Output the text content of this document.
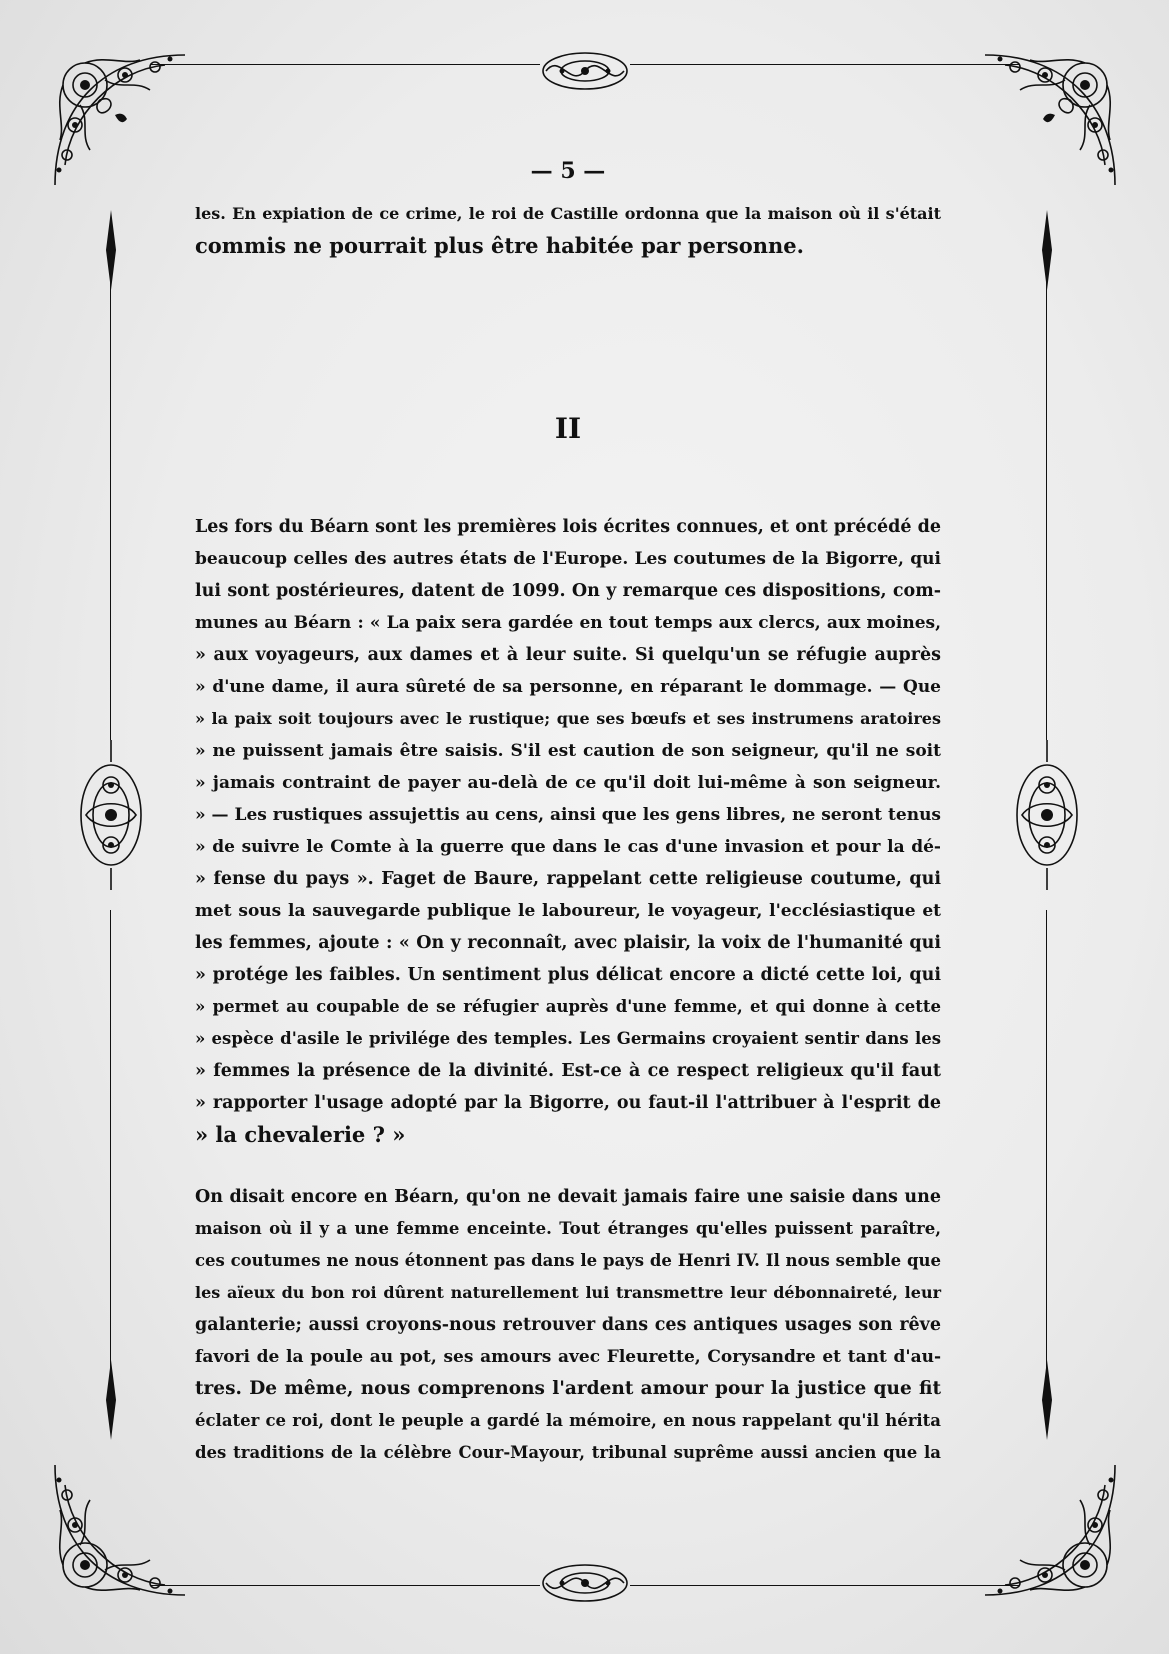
— 5 —

les. En expiation de ce crime, le roi de Castille ordonna que la maison où il s'était

commis ne pourrait plus être habitée par personne.

II

Les fors du Béarn sont les premières lois écrites connues, et ont précédé de

beaucoup celles des autres états de l'Europe. Les coutumes de la Bigorre, qui

lui sont postérieures, datent de 1099. On y remarque ces dispositions, com-

munes au Béarn : « La paix sera gardée en tout temps aux clercs, aux moines,

» aux voyageurs, aux dames et à leur suite. Si quelqu'un se réfugie auprès

» d'une dame, il aura sûreté de sa personne, en réparant le dommage. — Que

» la paix soit toujours avec le rustique; que ses bœufs et ses instrumens aratoires

» ne puissent jamais être saisis. S'il est caution de son seigneur, qu'il ne soit

» jamais contraint de payer au-delà de ce qu'il doit lui-même à son seigneur.

» — Les rustiques assujettis au cens, ainsi que les gens libres, ne seront tenus

» de suivre le Comte à la guerre que dans le cas d'une invasion et pour la dé-

» fense du pays ». Faget de Baure, rappelant cette religieuse coutume, qui

met sous la sauvegarde publique le laboureur, le voyageur, l'ecclésiastique et

les femmes, ajoute : « On y reconnaît, avec plaisir, la voix de l'humanité qui

» protége les faibles. Un sentiment plus délicat encore a dicté cette loi, qui

» permet au coupable de se réfugier auprès d'une femme, et qui donne à cette

» espèce d'asile le privilége des temples. Les Germains croyaient sentir dans les

» femmes la présence de la divinité. Est-ce à ce respect religieux qu'il faut

» rapporter l'usage adopté par la Bigorre, ou faut-il l'attribuer à l'esprit de

» la chevalerie ? »

On disait encore en Béarn, qu'on ne devait jamais faire une saisie dans une

maison où il y a une femme enceinte. Tout étranges qu'elles puissent paraître,

ces coutumes ne nous étonnent pas dans le pays de Henri IV. Il nous semble que

les aïeux du bon roi dûrent naturellement lui transmettre leur débonnaireté, leur

galanterie; aussi croyons-nous retrouver dans ces antiques usages son rêve

favori de la poule au pot, ses amours avec Fleurette, Corysandre et tant d'au-

tres. De même, nous comprenons l'ardent amour pour la justice que fit

éclater ce roi, dont le peuple a gardé la mémoire, en nous rappelant qu'il hérita

des traditions de la célèbre Cour-Mayour, tribunal suprême aussi ancien que la
